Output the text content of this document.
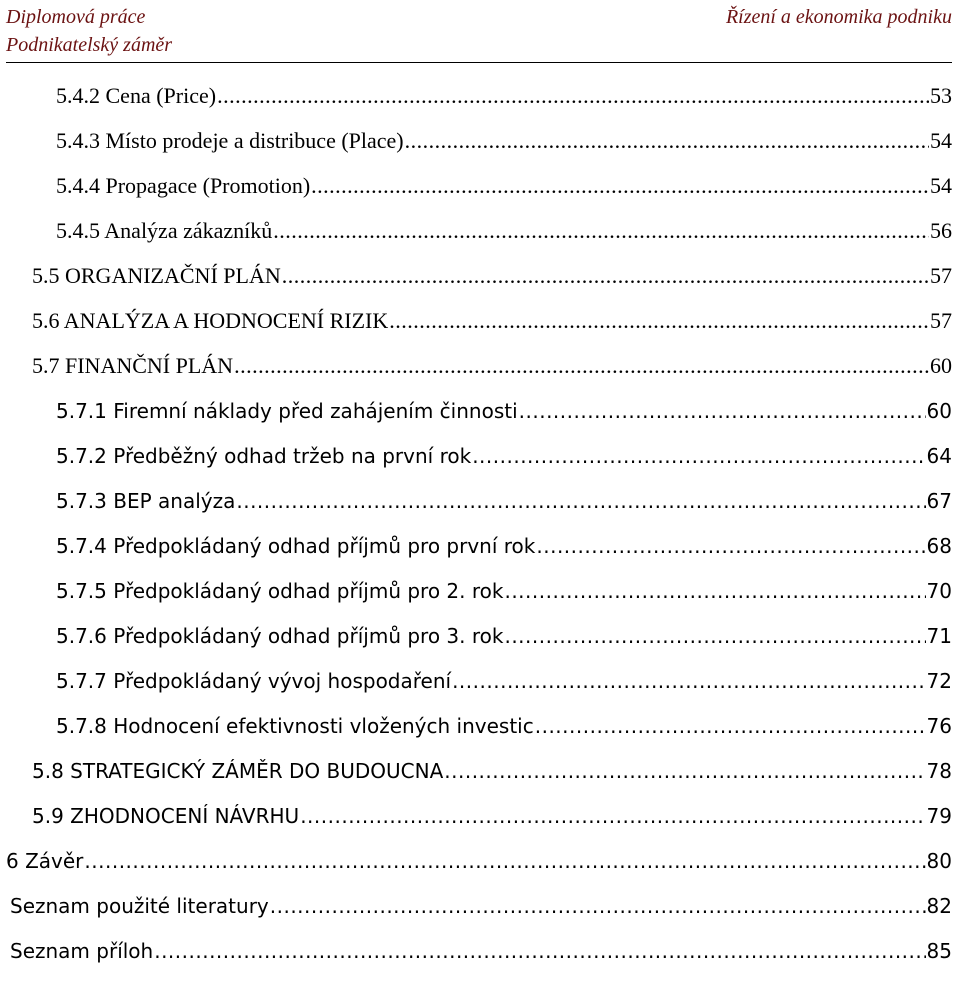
Diplomová práce
Podnikatelský záměr
Řízení a ekonomika podniku
5.4.2 Cena (Price) .....	53
5.4.3 Místo prodeje a distribuce (Place) .....	54
5.4.4 Propagace (Promotion) .....	54
5.4.5 Analýza zákazníků .....	56
5.5 ORGANIZAČNÍ PLÁN .....	57
5.6 ANALÝZA A HODNOCENÍ RIZIK .....	57
5.7 FINANČNÍ PLÁN .....	60
5.7.1 Firemní náklady před zahájením činnosti .....	60
5.7.2 Předběžný odhad tržeb na první rok .....	64
5.7.3 BEP analýza .....	67
5.7.4 Předpokládaný odhad příjmů pro první rok .....	68
5.7.5 Předpokládaný odhad příjmů pro 2. rok .....	70
5.7.6 Předpokládaný odhad příjmů pro 3. rok .....	71
5.7.7 Předpokládaný vývoj hospodaření .....	72
5.7.8 Hodnocení efektivnosti vložených investic .....	76
5.8 STRATEGICKÝ ZÁMĚR DO BUDOUCNA .....	78
5.9 ZHODNOCENÍ NÁVRHU .....	79
6 Závěr .....	80
Seznam použité literatury .....	82
Seznam příloh .....	85
